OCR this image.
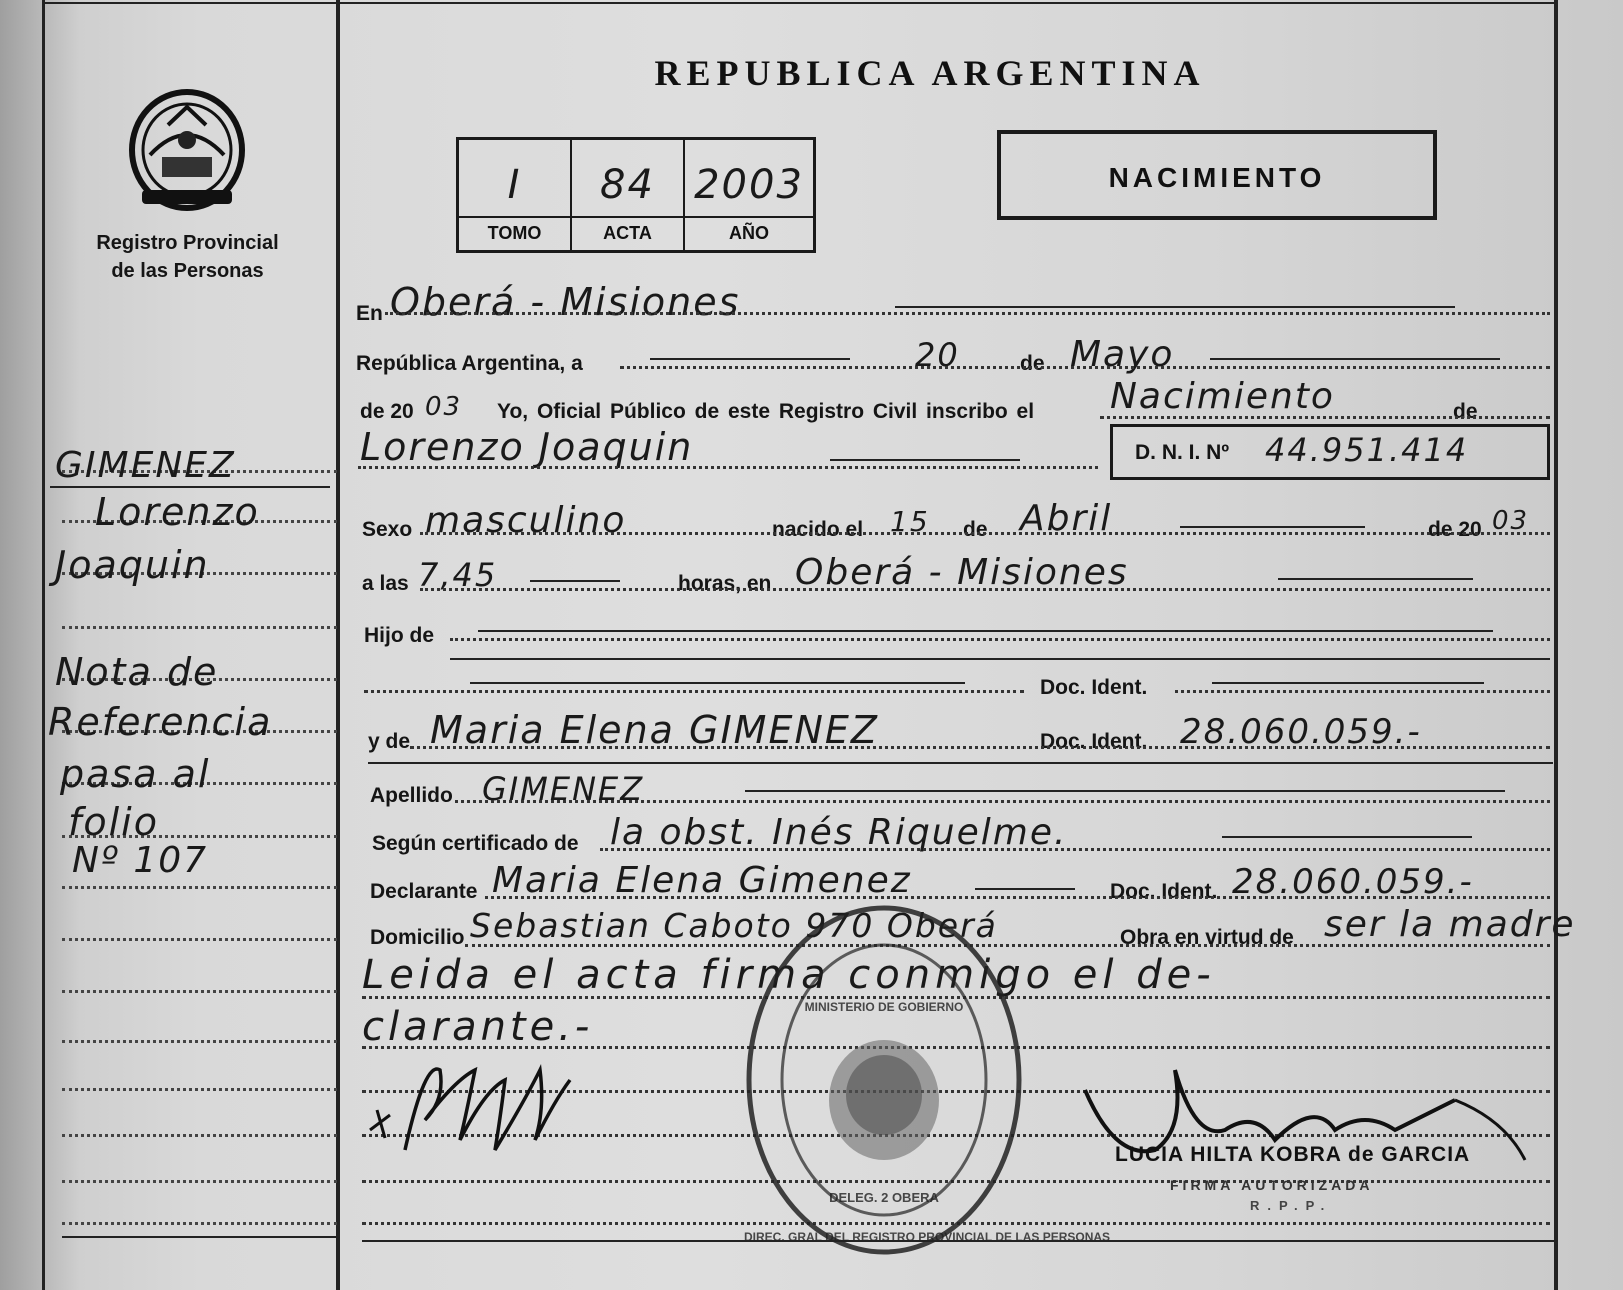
Registro Provincial
de las Personas
GIMENEZ
Lorenzo
Joaquin
Nota de
Referencia
pasa al
folio
Nº 107
REPUBLICA ARGENTINA
I
TOMO
84
ACTA
2003
AÑO
NACIMIENTO
En Oberá - Misiones
República Argentina, a	20	de Mayo
de 20 03 Yo, Oficial Público de este Registro Civil inscribo el Nacimiento	de
Lorenzo Joaquin	D. N. I. Nº 44.951.414
Sexo masculino	nacido el 15 de Abril	de 20 03
a las 7,45	horas, en Oberá - Misiones
Hijo de
Doc. Ident.
y de Maria Elena GIMENEZ	Doc. Ident. 28.060.059.-
Apellido GIMENEZ
Según certificado de la obst. Inés Riquelme.
Declarante Maria Elena Gimenez	Doc. Ident. 28.060.059.-
Domicilio Sebastian Caboto 970 Oberá	Obra en virtud de ser la madre
Leida el acta firma conmigo el de-
clarante.-
LUCIA HILTA KOBRA de GARCIA
FIRMA AUTORIZADA
R.P.P.
DIREC. GRAL DEL REGISTRO PROVINCIAL DE LAS PERSONAS
MINISTERIO DE GOBIERNO
DELEG. 2 OBERA
